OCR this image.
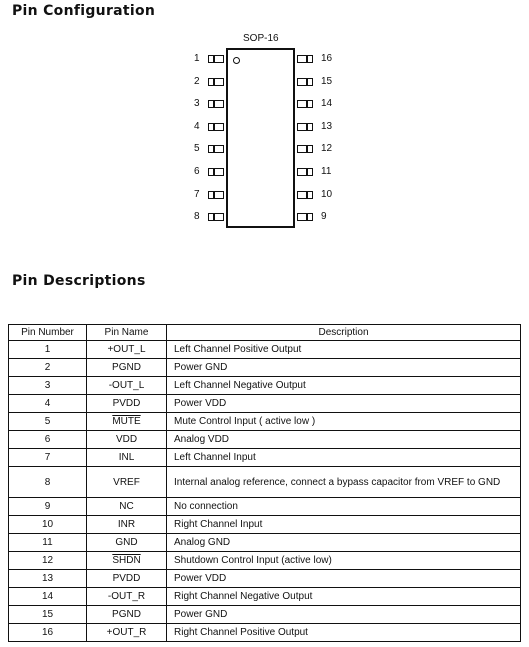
Pin Configuration
SOP-16
1
2
3
4
5
6
7
8
16
15
14
13
12
11
10
9
Pin Descriptions
Pin Number	Pin Name	Description
1	+OUT_L	Left Channel Positive Output
2	PGND	Power GND
3	-OUT_L	Left Channel Negative Output
4	PVDD	Power VDD
5	MUTE	Mute Control Input ( active low )
6	VDD	Analog VDD
7	INL	Left Channel Input
8	VREF	Internal analog reference, connect a bypass capacitor from VREF to GND
9	NC	No connection
10	INR	Right Channel Input
11	GND	Analog GND
12	SHDN	Shutdown Control Input (active low)
13	PVDD	Power VDD
14	-OUT_R	Right Channel Negative Output
15	PGND	Power GND
16	+OUT_R	Right Channel Positive Output
